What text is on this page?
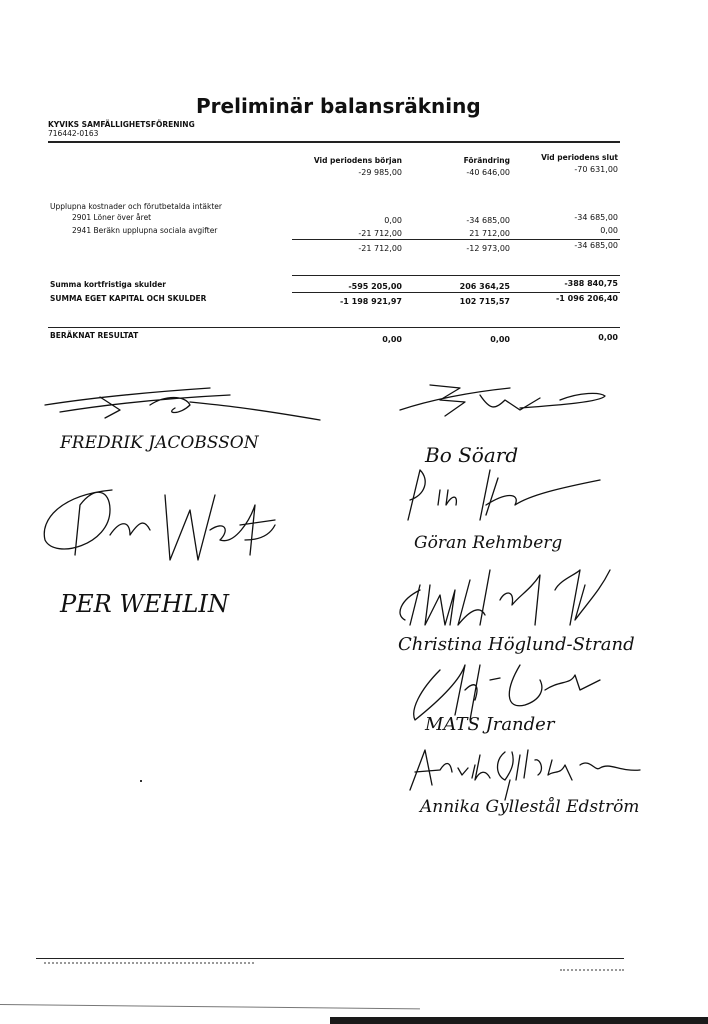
Preliminär balansräkning
KYVIKS SAMFÄLLIGHETSFÖRENING
716442-0163
Vid periodens början	Förändring	Vid periodens slut
-29 985,00	-40 646,00	-70 631,00
Upplupna kostnader och förutbetalda intäkter
2901 Löner över året	0,00	-34 685,00	-34 685,00
2941 Beräkn upplupna sociala avgifter	-21 712,00	21 712,00	0,00
-21 712,00	-12 973,00	-34 685,00
Summa kortfristiga skulder	-595 205,00	206 364,25	-388 840,75
SUMMA EGET KAPITAL OCH SKULDER	-1 198 921,97	102 715,57	-1 096 206,40
BERÄKNAT RESULTAT	0,00	0,00	0,00
FREDRIK JACOBSSON	Bo Söard
Göran Rehmberg
PER WEHLIN
Christina Höglund-Strand
MATS Jrander
Annika Gyllestål Edström
